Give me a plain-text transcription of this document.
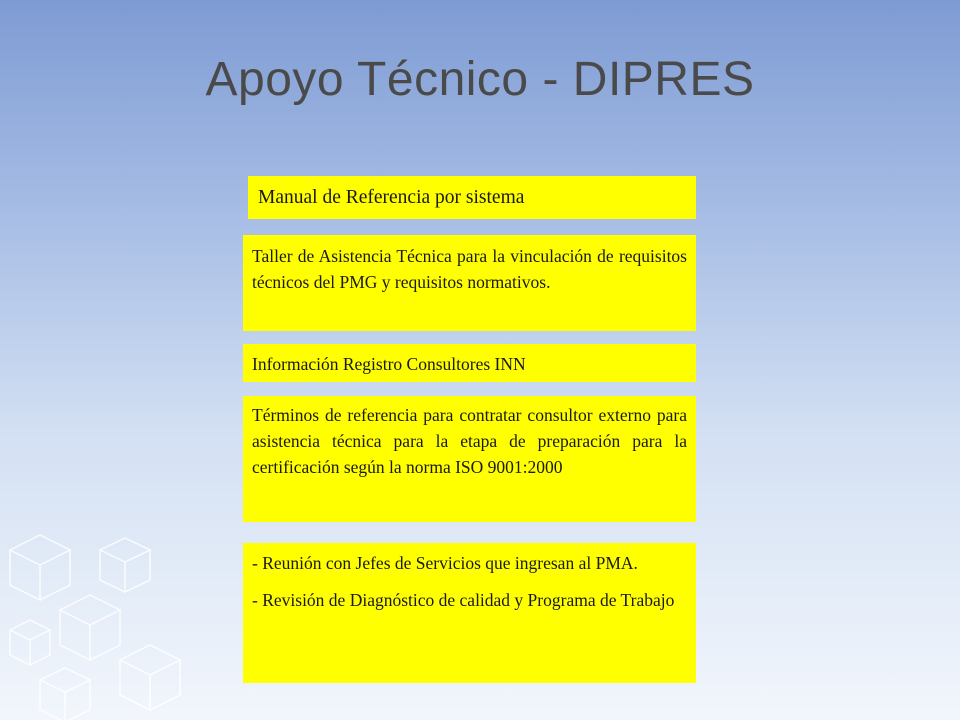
Apoyo Técnico - DIPRES

Manual de Referencia por sistema

Taller de Asistencia Técnica para la vinculación de requisitos técnicos del PMG y requisitos normativos.

Información Registro Consultores INN

Términos de referencia para contratar consultor externo para asistencia técnica para la etapa de preparación para la certificación según la norma ISO 9001:2000

- Reunión con Jefes de Servicios que ingresan al PMA.

- Revisión de Diagnóstico de calidad y Programa de Trabajo
